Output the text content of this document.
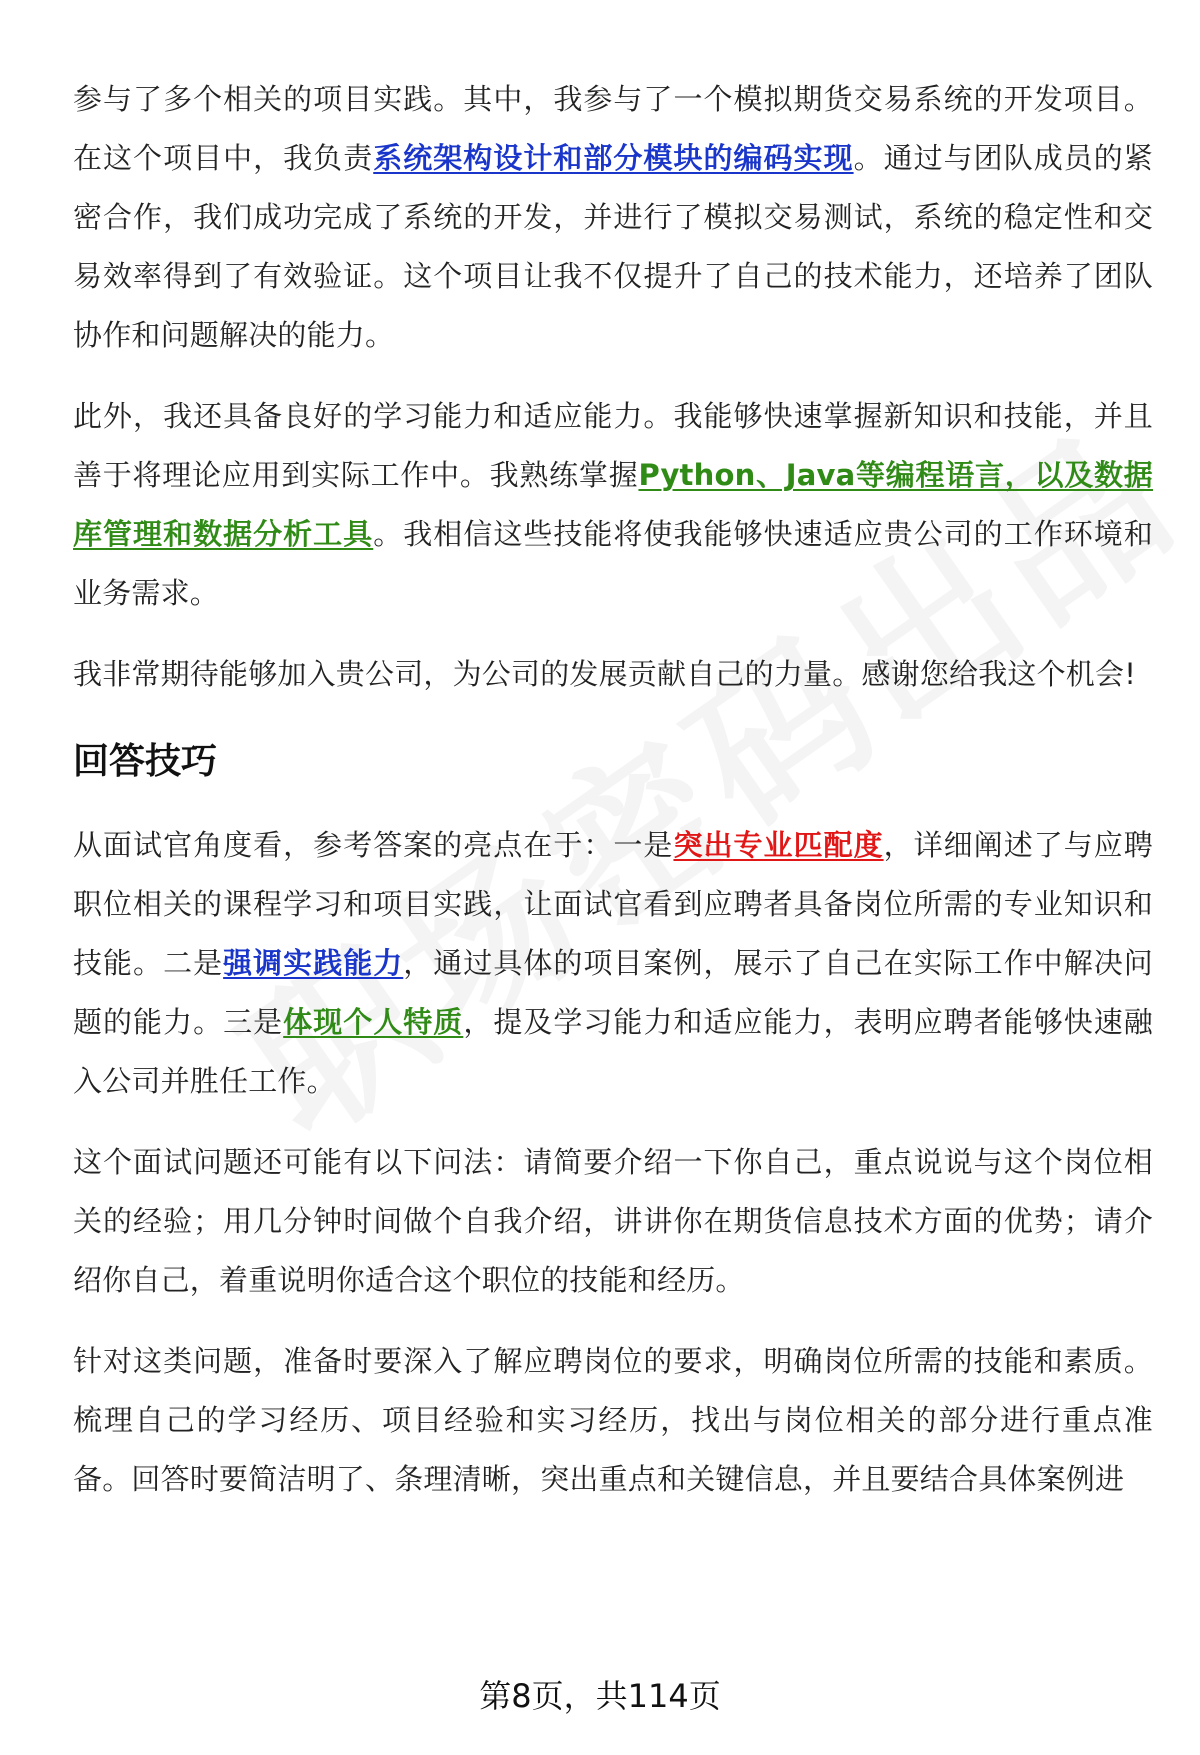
参与了多个相关的项目实践。其中，我参与了一个模拟期货交易系统的开发项目。在这个项目中，我负责系统架构设计和部分模块的编码实现。通过与团队成员的紧密合作，我们成功完成了系统的开发，并进行了模拟交易测试，系统的稳定性和交易效率得到了有效验证。这个项目让我不仅提升了自己的技术能力，还培养了团队协作和问题解决的能力。

此外，我还具备良好的学习能力和适应能力。我能够快速掌握新知识和技能，并且善于将理论应用到实际工作中。我熟练掌握Python、Java等编程语言，以及数据库管理和数据分析工具。我相信这些技能将使我能够快速适应贵公司的工作环境和业务需求。

我非常期待能够加入贵公司，为公司的发展贡献自己的力量。感谢您给我这个机会!

回答技巧

从面试官角度看，参考答案的亮点在于：一是突出专业匹配度，详细阐述了与应聘职位相关的课程学习和项目实践，让面试官看到应聘者具备岗位所需的专业知识和技能。二是强调实践能力，通过具体的项目案例，展示了自己在实际工作中解决问题的能力。三是体现个人特质，提及学习能力和适应能力，表明应聘者能够快速融入公司并胜任工作。

这个面试问题还可能有以下问法：请简要介绍一下你自己，重点说说与这个岗位相关的经验；用几分钟时间做个自我介绍，讲讲你在期货信息技术方面的优势；请介绍你自己，着重说明你适合这个职位的技能和经历。

针对这类问题，准备时要深入了解应聘岗位的要求，明确岗位所需的技能和素质。梳理自己的学习经历、项目经验和实习经历，找出与岗位相关的部分进行重点准备。回答时要简洁明了、条理清晰，突出重点和关键信息，并且要结合具体案例进

第8页，共114页
